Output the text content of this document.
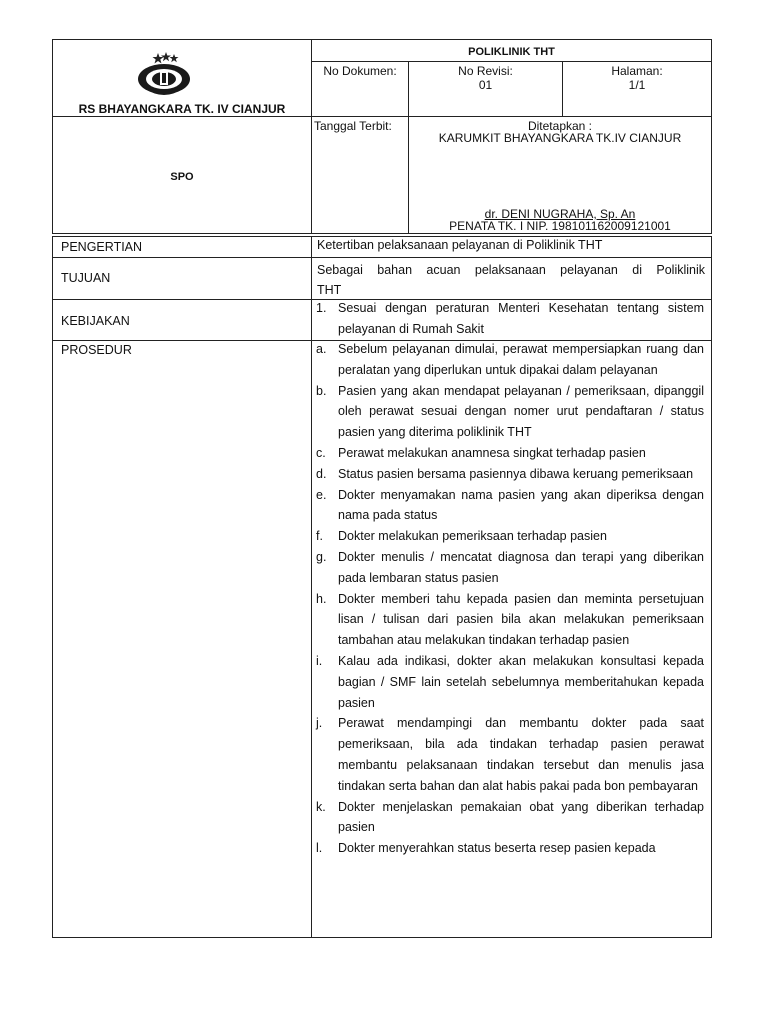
RS BHAYANGKARA TK. IV CIANJUR
POLIKLINIK THT
No Dokumen:	No Revisi:
01
Halaman:
1/1
SPO
Tanggal Terbit:	Ditetapkan :
KARUMKIT BHAYANGKARA TK.IV CIANJUR
dr. DENI NUGRAHA, Sp. An
PENATA TK. I NIP. 198101162009121001
PENGERTIAN
TUJUAN
KEBIJAKAN
PROSEDUR
Ketertiban pelaksanaan pelayanan di Poliklinik THT
Sebagai bahan acuan pelaksanaan pelayanan di Poliklinik
THT
1. Sesuai dengan peraturan Menteri Kesehatan tentang sistem pelayanan di Rumah Sakit
a. Sebelum pelayanan dimulai, perawat mempersiapkan ruang dan peralatan yang diperlukan untuk dipakai dalam pelayanan
b. Pasien yang akan mendapat pelayanan / pemeriksaan, dipanggil oleh perawat sesuai dengan nomer urut pendaftaran / status pasien yang diterima poliklinik THT
c. Perawat melakukan anamnesa singkat terhadap pasien
d. Status pasien bersama pasiennya dibawa keruang pemeriksaan
e. Dokter menyamakan nama pasien yang akan diperiksa dengan nama pada status
f. Dokter melakukan pemeriksaan terhadap pasien
g. Dokter menulis / mencatat diagnosa dan terapi yang diberikan pada lembaran status pasien
h. Dokter memberi tahu kepada pasien dan meminta persetujuan lisan / tulisan dari pasien bila akan melakukan pemeriksaan tambahan atau melakukan tindakan terhadap pasien
i. Kalau ada indikasi, dokter akan melakukan konsultasi kepada bagian / SMF lain setelah sebelumnya memberitahukan kepada pasien
j. Perawat mendampingi dan membantu dokter pada saat pemeriksaan, bila ada tindakan terhadap pasien perawat membantu pelaksanaan tindakan tersebut dan menulis jasa tindakan serta bahan dan alat habis pakai pada bon pembayaran
k. Dokter menjelaskan pemakaian obat yang diberikan terhadap pasien
l. Dokter menyerahkan status beserta resep pasien kepada
